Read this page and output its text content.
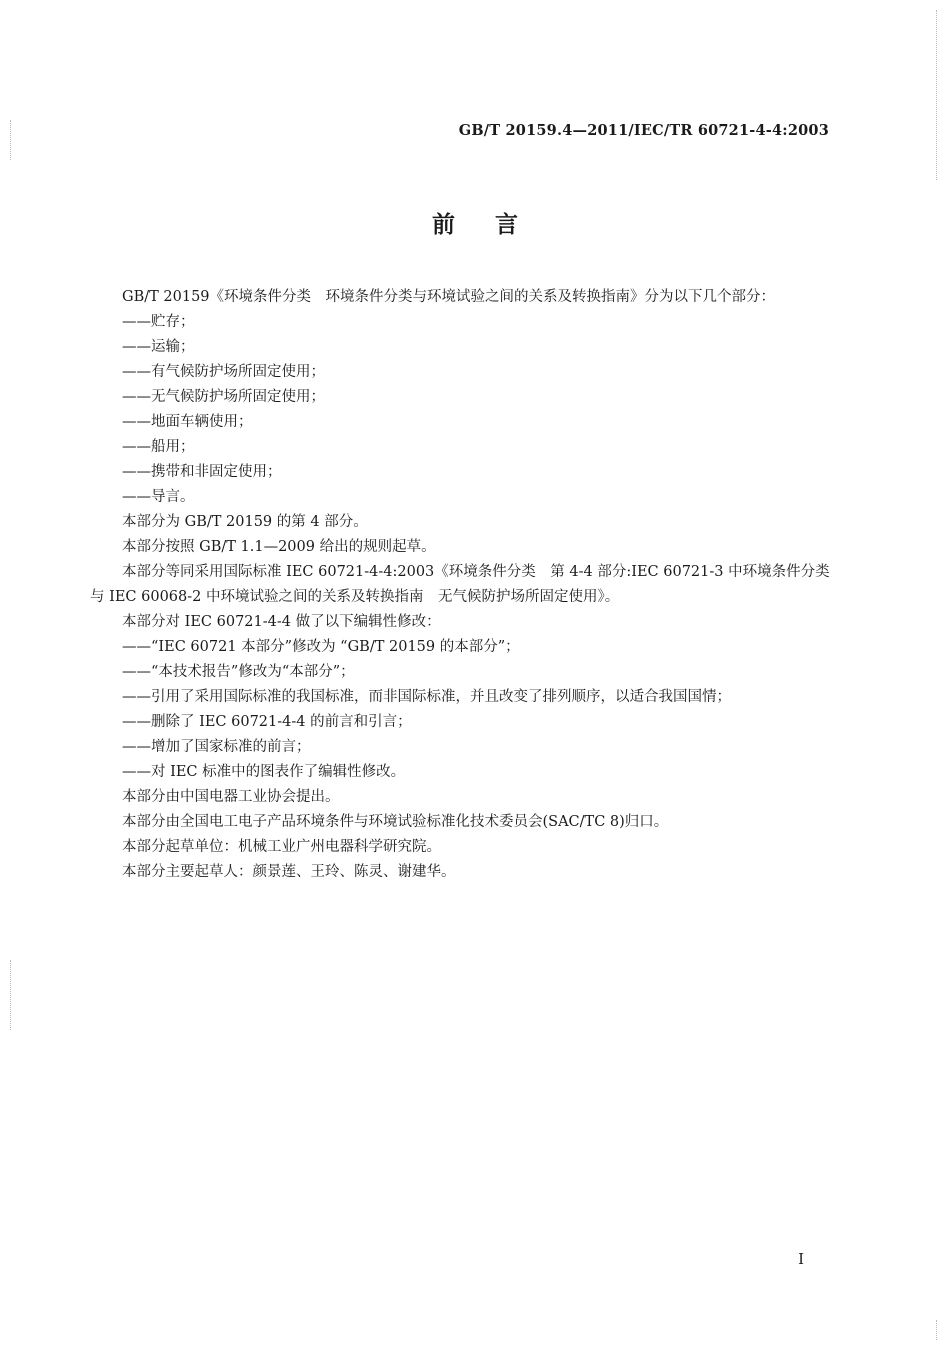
GB/T 20159.4—2011/IEC/TR 60721-4-4:2003
前言

GB/T 20159《环境条件分类　环境条件分类与环境试验之间的关系及转换指南》分为以下几个部分：

——贮存；

——运输；

——有气候防护场所固定使用；

——无气候防护场所固定使用；

——地面车辆使用；

——船用；

——携带和非固定使用；

——导言。

本部分为 GB/T 20159 的第 4 部分。

本部分按照 GB/T 1.1—2009 给出的规则起草。

本部分等同采用国际标准 IEC 60721-4-4:2003《环境条件分类　第 4-4 部分:IEC 60721-3 中环境条件分类与 IEC 60068-2 中环境试验之间的关系及转换指南　无气候防护场所固定使用》。

本部分对 IEC 60721-4-4 做了以下编辑性修改：

——“IEC 60721 本部分”修改为 “GB/T 20159 的本部分”；

——“本技术报告”修改为“本部分”；

——引用了采用国际标准的我国标准，而非国际标准，并且改变了排列顺序，以适合我国国情；

——删除了 IEC 60721-4-4 的前言和引言；

——增加了国家标准的前言；

——对 IEC 标准中的图表作了编辑性修改。

本部分由中国电器工业协会提出。

本部分由全国电工电子产品环境条件与环境试验标准化技术委员会(SAC/TC 8)归口。

本部分起草单位：机械工业广州电器科学研究院。

本部分主要起草人：颜景莲、王玲、陈灵、谢建华。

I
